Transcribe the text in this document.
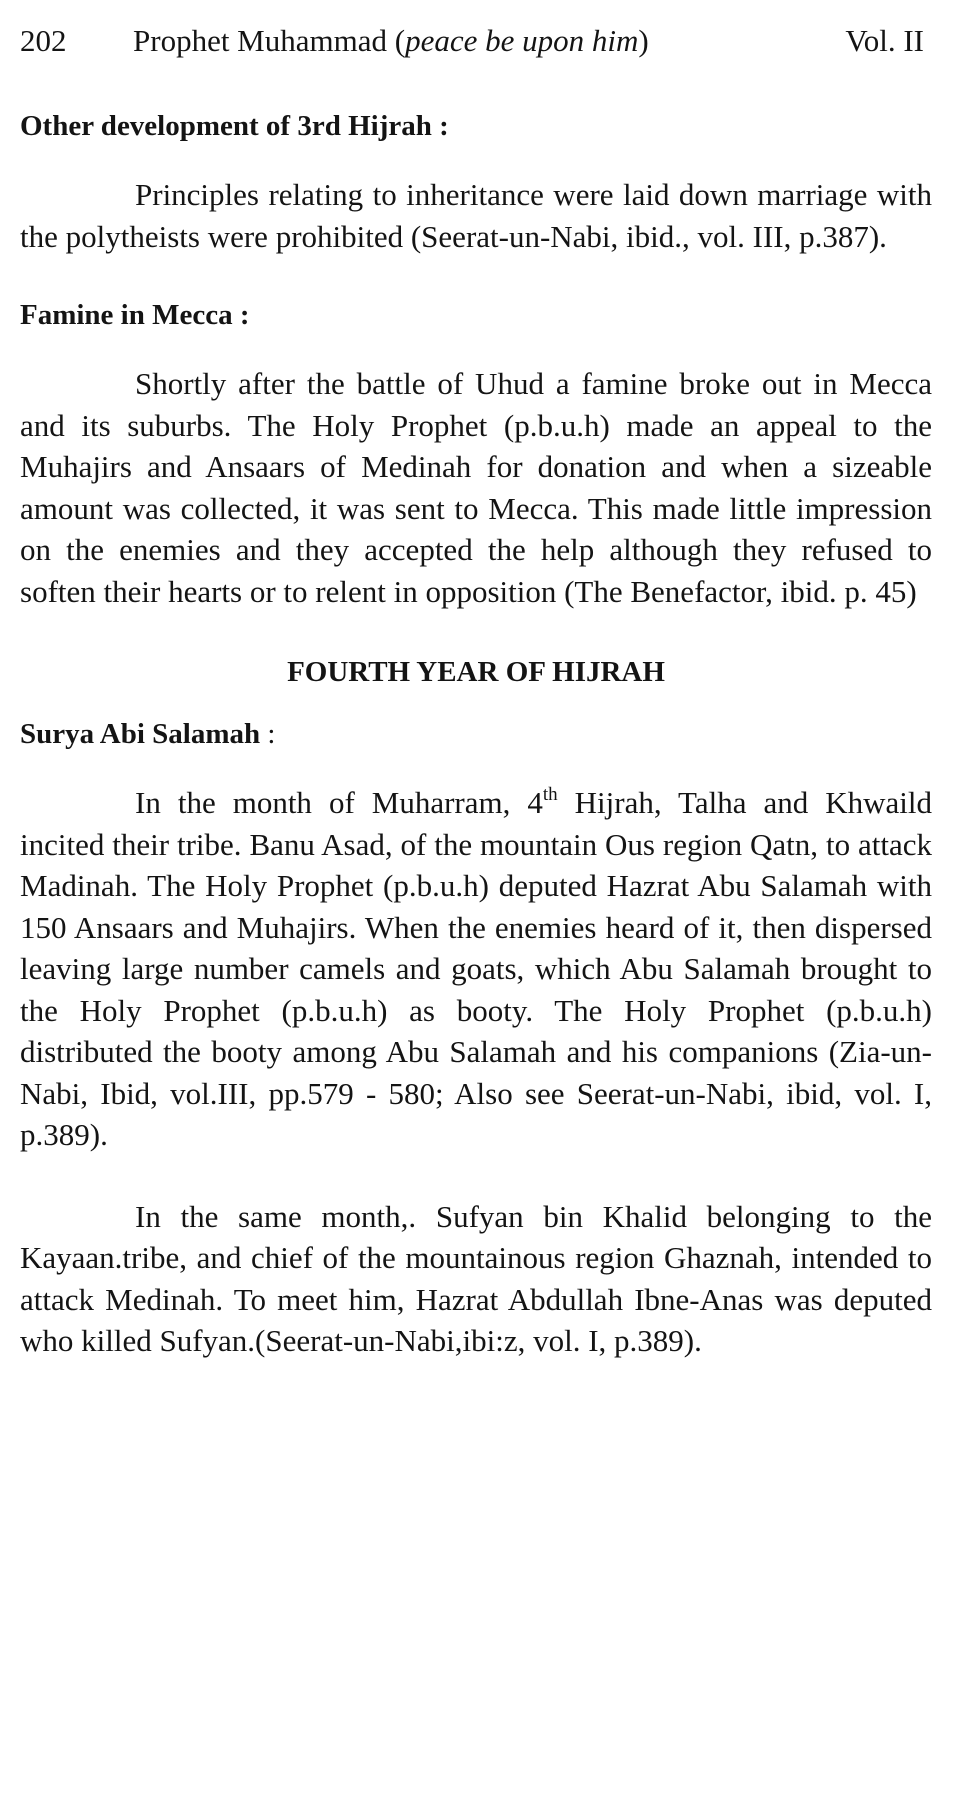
202 Prophet Muhammad (peace be upon him)	Vol. II
Other development of 3rd Hijrah :

Principles relating to inheritance were laid down marriage with the polytheists were prohibited (Seerat-un-Nabi, ibid., vol. III, p.387).

Famine in Mecca :

Shortly after the battle of Uhud a famine broke out in Mecca and its suburbs. The Holy Prophet (p.b.u.h) made an appeal to the Muhajirs and Ansaars of Medinah for donation and when a sizeable amount was collected, it was sent to Mecca. This made little impression on the enemies and they accepted the help although they refused to soften their hearts or to relent in opposition (The Benefactor, ibid. p. 45)

FOURTH YEAR OF HIJRAH
Surya Abi Salamah :

In the month of Muharram, 4th Hijrah, Talha and Khwaild incited their tribe. Banu Asad, of the mountain Ous region Qatn, to attack Madinah. The Holy Prophet (p.b.u.h) deputed Hazrat Abu Salamah with 150 Ansaars and Muhajirs. When the enemies heard of it, then dispersed leaving large number camels and goats, which Abu Salamah brought to the Holy Prophet (p.b.u.h) as booty. The Holy Prophet (p.b.u.h) distributed the booty among Abu Salamah and his companions (Zia-un-Nabi, Ibid, vol.III, pp.579 - 580; Also see Seerat-un-Nabi, ibid, vol. I, p.389).

In the same month,. Sufyan bin Khalid belonging to the Kayaan.tribe, and chief of the mountainous region Ghaznah, intended to attack Medinah. To meet him, Hazrat Abdullah Ibne-Anas was deputed who killed Sufyan.(Seerat-un-Nabi,ibi:z, vol. I, p.389).
